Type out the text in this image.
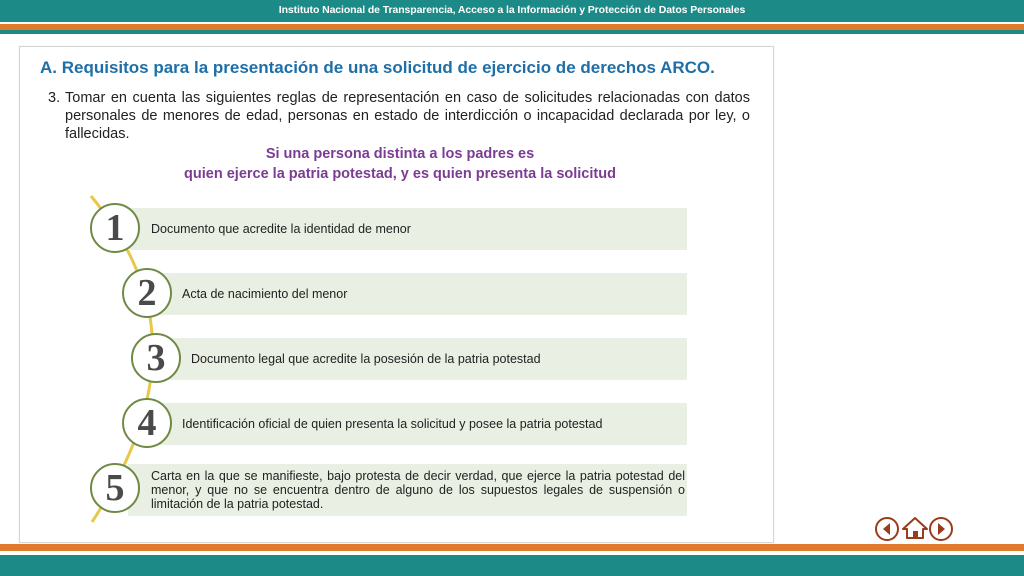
Instituto Nacional de Transparencia, Acceso a la Información y Protección de Datos Personales
A. Requisitos para la presentación de una solicitud de ejercicio de derechos ARCO.
3. Tomar en cuenta las siguientes reglas de representación en caso de solicitudes relacionadas con datos personales de menores de edad, personas en estado de interdicción o incapacidad declarada por ley, o fallecidas.
Si una persona distinta a los padres es
quien ejerce la patria potestad, y es quien presenta la solicitud
Documento que acredite la identidad de menor
1
Acta de nacimiento del menor
2
Documento legal que acredite la posesión de la patria potestad
3
Identificación oficial de quien presenta la solicitud y posee la patria potestad
4
Carta en la que se manifieste, bajo protesta de decir verdad, que ejerce la patria potestad del menor, y que no se encuentra dentro de alguno de los supuestos legales de suspensión o limitación de la patria potestad.
5
